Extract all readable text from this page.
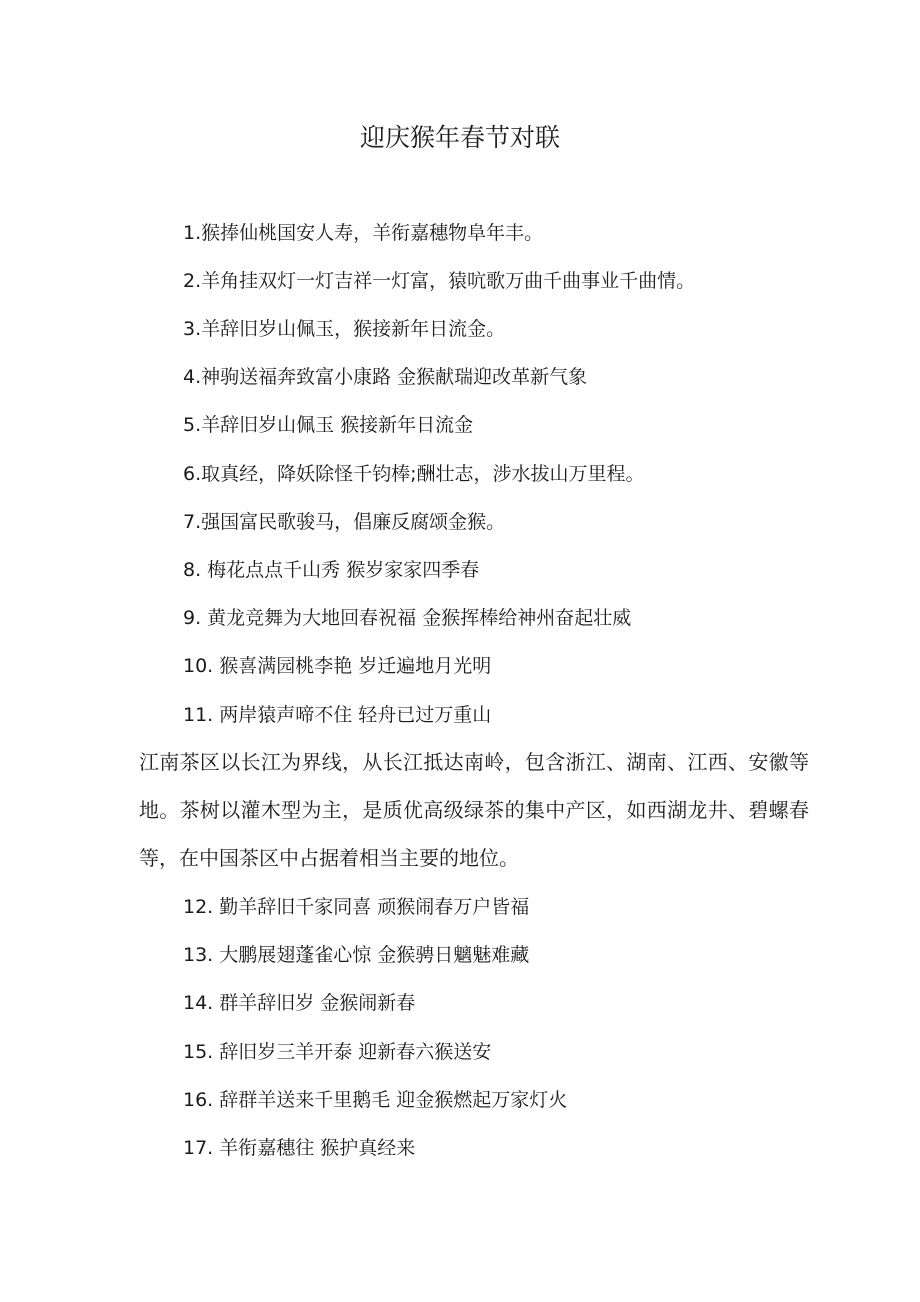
迎庆猴年春节对联

1.猴捧仙桃国安人寿，羊衔嘉穗物阜年丰。

2.羊角挂双灯一灯吉祥一灯富，猿吭歌万曲千曲事业千曲情。

3.羊辞旧岁山佩玉，猴接新年日流金。

4.神驹送福奔致富小康路 金猴献瑞迎改革新气象

5.羊辞旧岁山佩玉 猴接新年日流金

6.取真经，降妖除怪千钧棒;酬壮志，涉水拔山万里程。

7.强国富民歌骏马，倡廉反腐颂金猴。

8. 梅花点点千山秀 猴岁家家四季春

9. 黄龙竞舞为大地回春祝福 金猴挥棒给神州奋起壮威

10. 猴喜满园桃李艳 岁迁遍地月光明

11. 两岸猿声啼不住 轻舟已过万重山

江南茶区以长江为界线，从长江抵达南岭，包含浙江、湖南、江西、安徽等地。茶树以灌木型为主，是质优高级绿茶的集中产区，如西湖龙井、碧螺春等，在中国茶区中占据着相当主要的地位。

12. 勤羊辞旧千家同喜 顽猴闹春万户皆福

13. 大鹏展翅蓬雀心惊 金猴骋日魑魅难藏

14. 群羊辞旧岁 金猴闹新春

15. 辞旧岁三羊开泰 迎新春六猴送安

16. 辞群羊送来千里鹅毛 迎金猴燃起万家灯火

17. 羊衔嘉穗往 猴护真经来
